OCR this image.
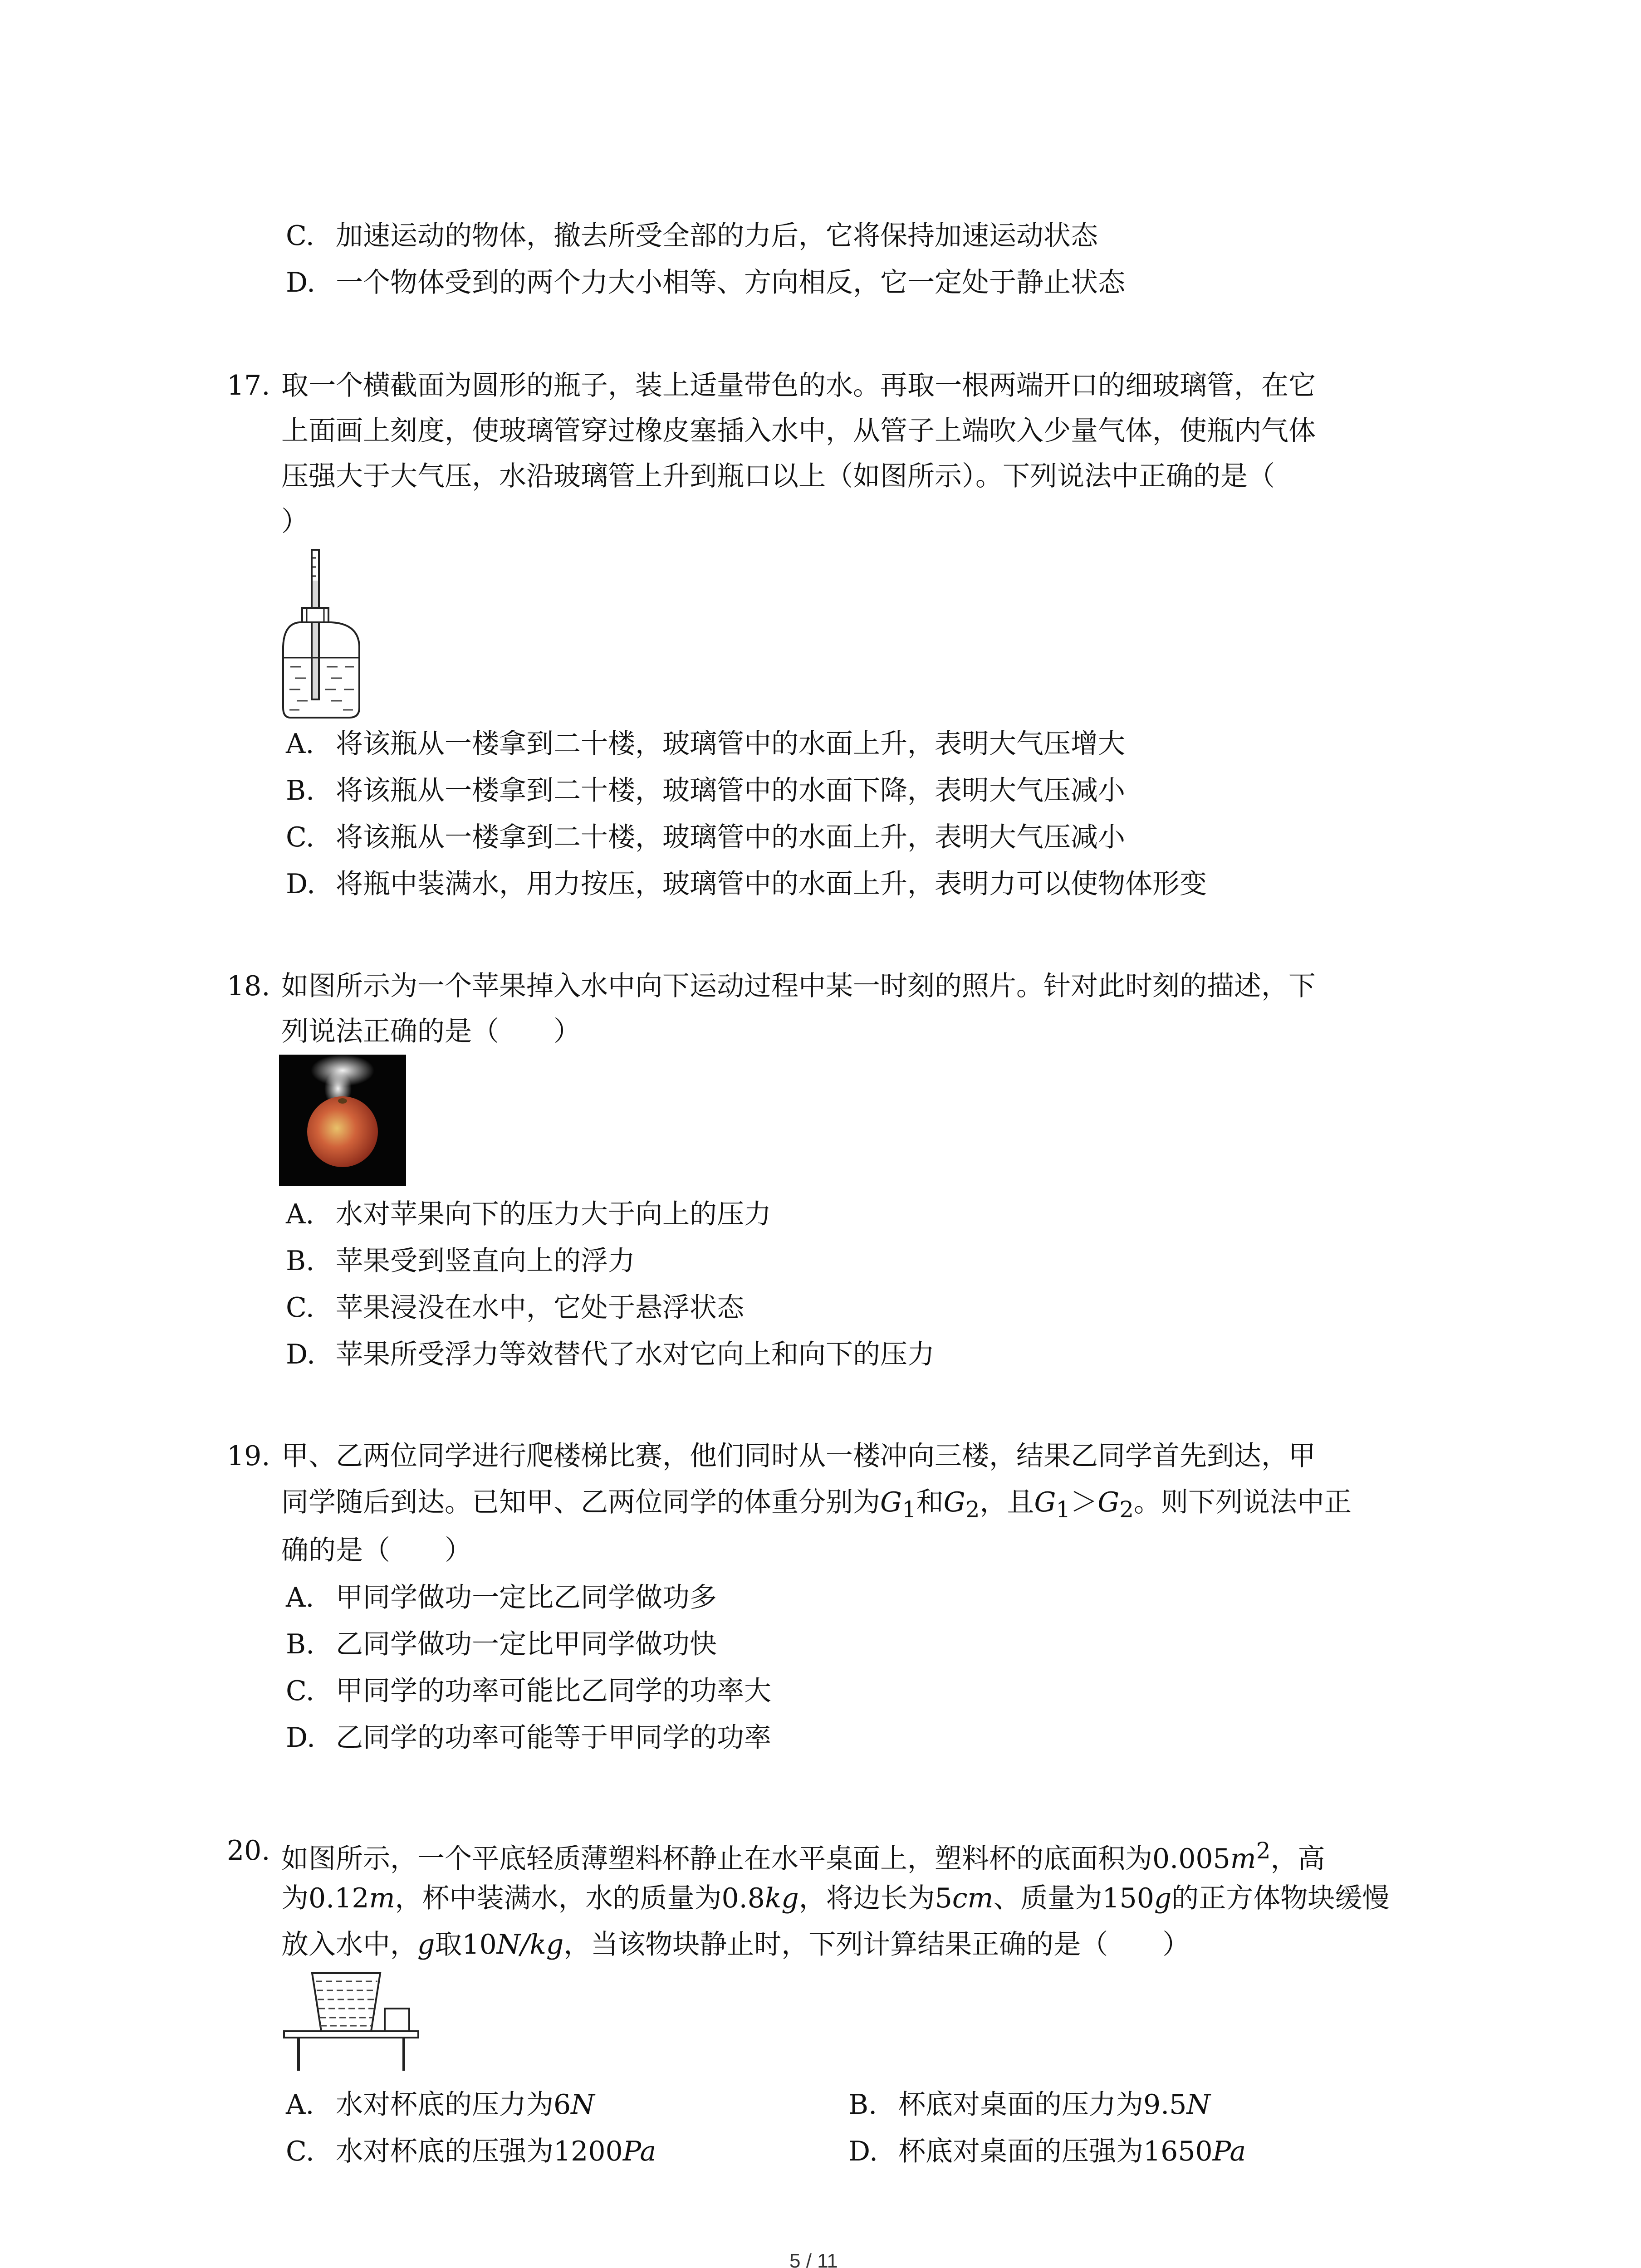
C. 加速运动的物体，撤去所受全部的力后，它将保持加速运动状态
D. 一个物体受到的两个力大小相等、方向相反，它一定处于静止状态
17. 取一个横截面为圆形的瓶子，装上适量带色的水。再取一根两端开口的细玻璃管，在它
上面画上刻度，使玻璃管穿过橡皮塞插入水中，从管子上端吹入少量气体，使瓶内气体
压强大于大气压，水沿玻璃管上升到瓶口以上（如图所示）。下列说法中正确的是（
）
A. 将该瓶从一楼拿到二十楼，玻璃管中的水面上升，表明大气压增大
B. 将该瓶从一楼拿到二十楼，玻璃管中的水面下降，表明大气压减小
C. 将该瓶从一楼拿到二十楼，玻璃管中的水面上升，表明大气压减小
D. 将瓶中装满水，用力按压，玻璃管中的水面上升，表明力可以使物体形变
18. 如图所示为一个苹果掉入水中向下运动过程中某一时刻的照片。针对此时刻的描述，下
列说法正确的是（　　）
A. 水对苹果向下的压力大于向上的压力
B. 苹果受到竖直向上的浮力
C. 苹果浸没在水中，它处于悬浮状态
D. 苹果所受浮力等效替代了水对它向上和向下的压力
19. 甲、乙两位同学进行爬楼梯比赛，他们同时从一楼冲向三楼，结果乙同学首先到达，甲
同学随后到达。已知甲、乙两位同学的体重分别为$G_1$和$G_2$，且$G_1>G_2$。则下列说法中正
确的是（　　）
A. 甲同学做功一定比乙同学做功多
B. 乙同学做功一定比甲同学做功快
C. 甲同学的功率可能比乙同学的功率大
D. 乙同学的功率可能等于甲同学的功率
20. 如图所示，一个平底轻质薄塑料杯静止在水平桌面上，塑料杯的底面积为$0.005m^2$，高
为0.12m，杯中装满水，水的质量为0.8kg，将边长为5cm、质量为150g的正方体物块缓慢
放入水中，g取10N/kg，当该物块静止时，下列计算结果正确的是（　　）
A. 水对杯底的压力为6N	B. 杯底对桌面的压力为9.5N
C. 水对杯底的压强为1200Pa	D. 杯底对桌面的压强为1650Pa
5 / 11
